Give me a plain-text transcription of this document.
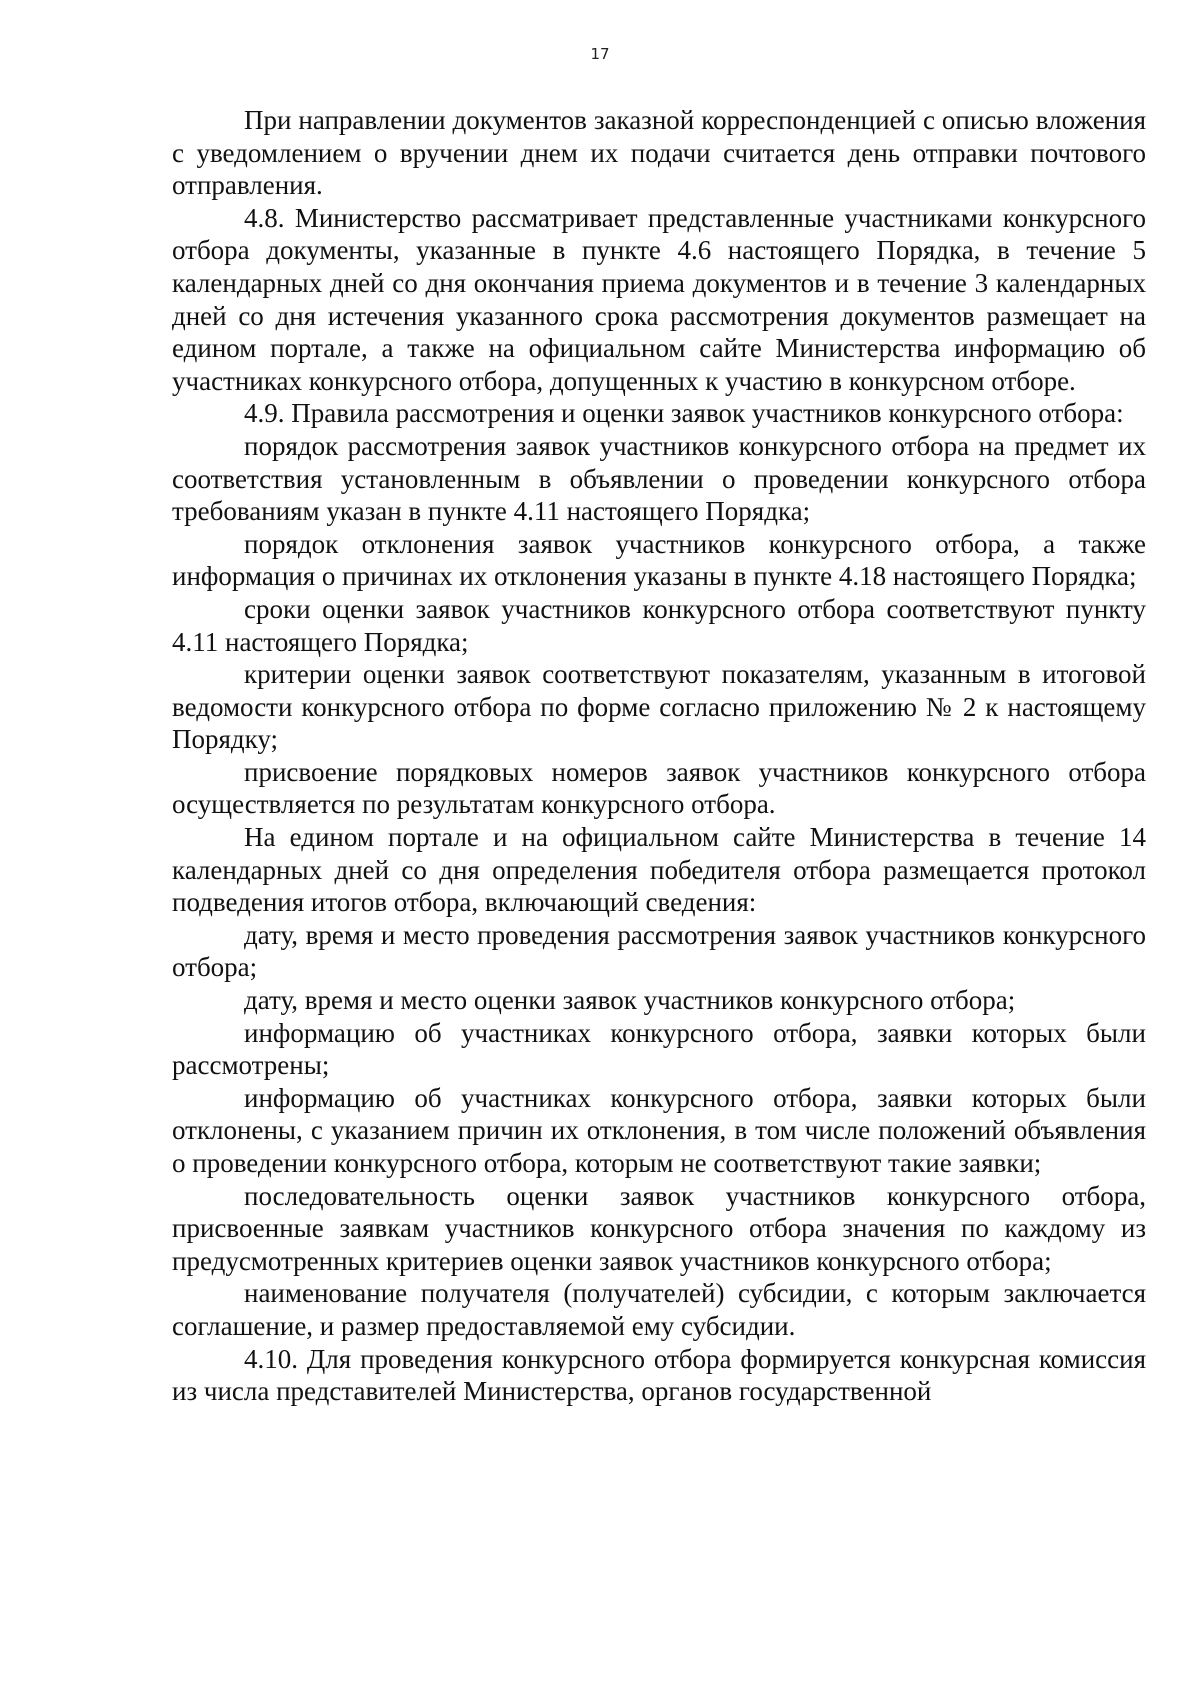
17

При направлении документов заказной корреспонденцией с описью вложения с уведомлением о вручении днем их подачи считается день отправки почтового отправления.

4.8. Министерство рассматривает представленные участниками конкурсного отбора документы, указанные в пункте 4.6 настоящего Порядка, в течение 5 календарных дней со дня окончания приема документов и в течение 3 календарных дней со дня истечения указанного срока рассмотрения документов размещает на едином портале, а также на официальном сайте Министерства информацию об участниках конкурсного отбора, допущенных к участию в конкурсном отборе.

4.9. Правила рассмотрения и оценки заявок участников конкурсного отбора:

порядок рассмотрения заявок участников конкурсного отбора на предмет их соответствия установленным в объявлении о проведении конкурсного отбора требованиям указан в пункте 4.11 настоящего Порядка;

порядок отклонения заявок участников конкурсного отбора, а также информация о причинах их отклонения указаны в пункте 4.18 настоящего Порядка;

сроки оценки заявок участников конкурсного отбора соответствуют пункту 4.11 настоящего Порядка;

критерии оценки заявок соответствуют показателям, указанным в итоговой ведомости конкурсного отбора по форме согласно приложению № 2 к настоящему Порядку;

присвоение порядковых номеров заявок участников конкурсного отбора осуществляется по результатам конкурсного отбора.

На едином портале и на официальном сайте Министерства в течение 14 календарных дней со дня определения победителя отбора размещается протокол подведения итогов отбора, включающий сведения:

дату, время и место проведения рассмотрения заявок участников конкурсного отбора;

дату, время и место оценки заявок участников конкурсного отбора;

информацию об участниках конкурсного отбора, заявки которых были рассмотрены;

информацию об участниках конкурсного отбора, заявки которых были отклонены, с указанием причин их отклонения, в том числе положений объявления о проведении конкурсного отбора, которым не соответствуют такие заявки;

последовательность оценки заявок участников конкурсного отбора, присвоенные заявкам участников конкурсного отбора значения по каждому из предусмотренных критериев оценки заявок участников конкурсного отбора;

наименование получателя (получателей) субсидии, с которым заключается соглашение, и размер предоставляемой ему субсидии.

4.10. Для проведения конкурсного отбора формируется конкурсная комиссия из числа представителей Министерства, органов государственной
